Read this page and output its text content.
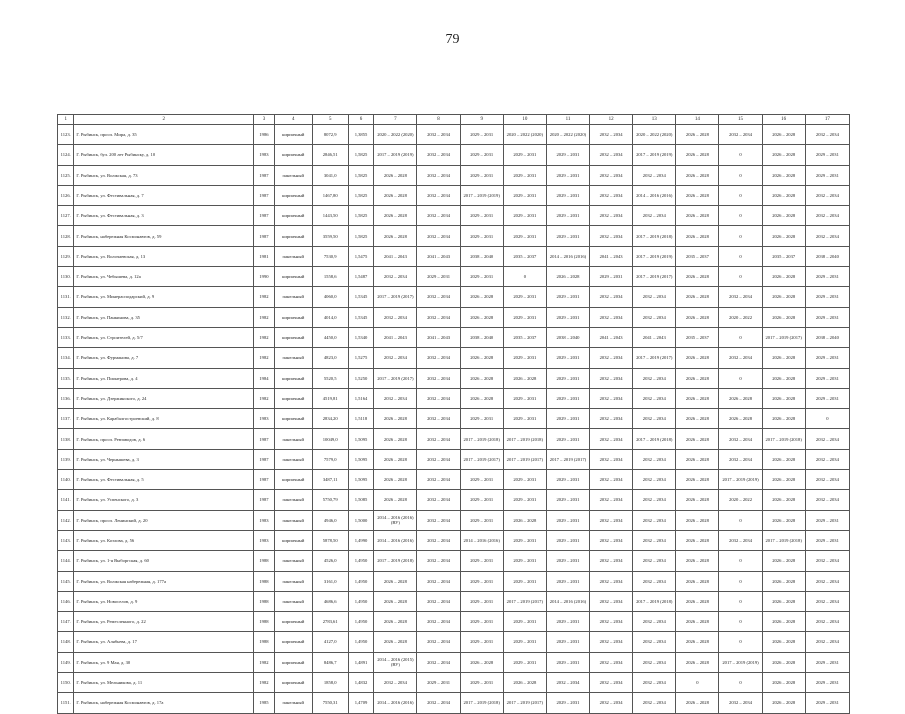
79
1	2	3	4	5	6	7	8	9	10	11	12	13	14	15	16	17
1123.	Г. Рыбинск, просп. Мира, д. 35	1986	кирпичный	8072,9	1,3855	2020 – 2022 (2020)	2032 – 2034	2029 – 2031	2020 – 2022 (2020)	2020 – 2022 (2020)	2032 – 2034	2020 – 2022 (2020)	2026 – 2028	2032 – 2034	2026 – 2028	2032 – 2034
1124.	Г. Рыбинск, бул. 200 лет Рыбинску, д. 10	1983	кирпичный	2846,51	1,5825	2017 – 2019 (2019)	2032 – 2034	2029 – 2031	2029 – 2031	2029 – 2031	2032 – 2034	2017 – 2019 (2019)	2026 – 2028	0	2026 – 2028	2029 – 2031
1125.	Г. Рыбинск, ул. Волжская, д. 73	1987	панельный	3041,0	1,5825	2026 – 2028	2032 – 2034	2029 – 2031	2029 – 2031	2029 – 2031	2032 – 2034	2032 – 2034	2026 – 2028	0	2026 – 2028	2029 – 2031
1126.	Г. Рыбинск, ул. Фестивальная, д. 7	1987	кирпичный	1467,80	1,5825	2026 – 2028	2032 – 2034	2017 – 2019 (2019)	2029 – 2031	2029 – 2031	2032 – 2034	2014 – 2016 (2016)	2026 – 2028	0	2026 – 2028	2032 – 2034
1127.	Г. Рыбинск, ул. Фестивальная, д. 3	1987	кирпичный	1443,50	1,5825	2026 – 2028	2032 – 2034	2029 – 2031	2029 – 2031	2029 – 2031	2032 – 2034	2032 – 2034	2026 – 2028	0	2026 – 2028	2032 – 2034
1128.	Г. Рыбинск, набережная Космонавтов, д. 59	1987	кирпичный	3559,50	1,5825	2026 – 2028	2032 – 2034	2029 – 2031	2029 – 2031	2029 – 2031	2032 – 2034	2017 – 2019 (2018)	2026 – 2028	0	2026 – 2028	2032 – 2034
1129.	Г. Рыбинск, ул. Волочаевская, д. 13	1981	панельный	7530,9	1,5475	2041 – 2043	2041 – 2043	2038 – 2040	2035 – 2037	2014 – 2016 (2016)	2041 – 2043	2017 – 2019 (2019)	2035 – 2037	0	2035 – 2037	2038 – 2040
1130.	Г. Рыбинск, ул. Чебышева, д. 12а	1990	кирпичный	1558,6	1,5487	2032 – 2034	2029 – 2031	2029 – 2031	0	2026 – 2028	2029 – 2031	2017 – 2019 (2017)	2026 – 2028	0	2026 – 2028	2029 – 2031
1131.	Г. Рыбинск, ул. Минерасподарский, д. 9	1982	панельный	4060,0	1,5345	2017 – 2019 (2017)	2032 – 2034	2026 – 2028	2029 – 2031	2029 – 2031	2032 – 2034	2032 – 2034	2026 – 2028	2032 – 2034	2026 – 2028	2029 – 2031
1132.	Г. Рыбинск, ул. Панкинова, д. 35	1982	кирпичный	4014,0	1,5345	2032 – 2034	2032 – 2034	2026 – 2028	2029 – 2031	2029 – 2031	2032 – 2034	2032 – 2034	2026 – 2028	2020 – 2022	2026 – 2028	2029 – 2031
1133.	Г. Рыбинск, ул. Строителей, д. 5/7	1982	кирпичный	4450,0	1,5340	2041 – 2043	2041 – 2043	2038 – 2040	2035 – 2037	2038 – 2040	2041 – 2043	2041 – 2043	2035 – 2037	0	2017 – 2019 (2017)	2038 – 2040
1134.	Г. Рыбинск, ул. Фурманова, д. 7	1982	панельный	4823,0	1,5275	2032 – 2034	2032 – 2034	2026 – 2028	2029 – 2031	2029 – 2031	2032 – 2034	2017 – 2019 (2017)	2026 – 2028	2032 – 2034	2026 – 2028	2029 – 2031
1135.	Г. Рыбинск, ул. Пионерова, д. 4	1984	кирпичный	5520,5	1,5250	2017 – 2019 (2017)	2032 – 2034	2026 – 2028	2026 – 2028	2029 – 2031	2032 – 2034	2032 – 2034	2026 – 2028	0	2026 – 2028	2029 – 2031
1136.	Г. Рыбинск, ул. Дзержинского, д. 24	1982	кирпичный	4519,81	1,5164	2032 – 2034	2032 – 2034	2026 – 2028	2029 – 2031	2029 – 2031	2032 – 2034	2032 – 2034	2026 – 2028	2026 – 2028	2026 – 2028	2029 – 2031
1137.	Г. Рыбинск, ул. Карабалгостроевский, д. 8	1983	кирпичный	2834,20	1,5118	2026 – 2028	2032 – 2034	2029 – 2031	2029 – 2031	2029 – 2031	2032 – 2034	2032 – 2034	2026 – 2028	2026 – 2028	2026 – 2028	0
1138.	Г. Рыбинск, просп. Ревзаводов, д. 6	1987	панельный	10049,0	1,5095	2026 – 2028	2032 – 2034	2017 – 2019 (2018)	2017 – 2019 (2018)	2029 – 2031	2032 – 2034	2017 – 2019 (2018)	2026 – 2028	2032 – 2034	2017 – 2019 (2018)	2032 – 2034
1139.	Г. Рыбинск, ул. Чернышева, д. 3	1987	панельный	7579,0	1,5095	2026 – 2028	2032 – 2034	2017 – 2019 (2017)	2017 – 2019 (2017)	2017 – 2019 (2017)	2032 – 2034	2032 – 2034	2026 – 2028	2032 – 2034	2026 – 2028	2032 – 2034
1140.	Г. Рыбинск, ул. Фестивальная, д. 5	1987	кирпичный	3487,11	1,5095	2026 – 2028	2032 – 2034	2029 – 2031	2029 – 2031	2029 – 2031	2032 – 2034	2032 – 2034	2026 – 2028	2017 – 2019 (2019)	2026 – 2028	2032 – 2034
1141.	Г. Рыбинск, ул. Успенского, д. 3	1987	панельный	5750,79	1,5085	2026 – 2028	2032 – 2034	2029 – 2031	2029 – 2031	2029 – 2031	2032 – 2034	2032 – 2034	2026 – 2028	2020 – 2022	2026 – 2028	2032 – 2034
1142.	Г. Рыбинск, просп. Ленинский, д. 20	1983	панельный	4946,0	1,5000	2014 – 2016 (2016) (ВУ)	2032 – 2034	2029 – 2031	2026 – 2028	2029 – 2031	2032 – 2034	2032 – 2034	2026 – 2028	0	2026 – 2028	2029 – 2031
1143.	Г. Рыбинск, ул. Козлова, д. 56	1983	кирпичный	5878,50	1,4990	2014 – 2016 (2016)	2032 – 2034	2014 – 2016 (2016)	2029 – 2031	2029 – 2031	2032 – 2034	2032 – 2034	2026 – 2028	2032 – 2034	2017 – 2019 (2018)	2029 – 2031
1144.	Г. Рыбинск, ул. 1-я Выборгская, д. 60	1988	панельный	4526,0	1,4950	2017 – 2019 (2018)	2032 – 2034	2029 – 2031	2029 – 2031	2029 – 2031	2032 – 2034	2032 – 2034	2026 – 2028	0	2026 – 2028	2032 – 2034
1145.	Г. Рыбинск, ул. Волжская набережная, д. 177а	1988	панельный	3161,0	1,4950	2026 – 2028	2032 – 2034	2029 – 2031	2029 – 2031	2029 – 2031	2032 – 2034	2032 – 2034	2026 – 2028	0	2026 – 2028	2032 – 2034
1146.	Г. Рыбинск, ул. Новоселов, д. 9	1988	панельный	4686,6	1,4950	2026 – 2028	2032 – 2034	2029 – 2031	2017 – 2019 (2017)	2014 – 2016 (2016)	2032 – 2034	2017 – 2019 (2018)	2026 – 2028	0	2026 – 2028	2032 – 2034
1147.	Г. Рыбинск, ул. Ремесленного, д. 22	1988	кирпичный	2783,61	1,4950	2026 – 2028	2032 – 2034	2029 – 2031	2029 – 2031	2029 – 2031	2032 – 2034	2032 – 2034	2026 – 2028	0	2026 – 2028	2032 – 2034
1148.	Г. Рыбинск, ул. Алябьева, д. 17	1988	кирпичный	4127,0	1,4950	2026 – 2028	2032 – 2034	2029 – 2031	2029 – 2031	2029 – 2031	2032 – 2034	2032 – 2034	2026 – 2028	0	2026 – 2028	2032 – 2034
1149.	Г. Рыбинск, ул. 9 Мая, д. 30	1982	кирпичный	8486,7	1,4891	2014 – 2016 (2015) (ВУ)	2032 – 2034	2026 – 2028	2029 – 2031	2029 – 2031	2032 – 2034	2032 – 2034	2026 – 2028	2017 – 2019 (2019)	2026 – 2028	2029 – 2031
1150.	Г. Рыбинск, ул. Мельникова, д. 11	1982	кирпичный	1858,0	1,4832	2032 – 2034	2029 – 2031	2029 – 2031	2026 – 2028	2032 – 2034	2032 – 2034	2032 – 2034	0	0	2026 – 2028	2029 – 2031
1151.	Г. Рыбинск, набережная Космонавтов, д. 17а	1985	панельный	7550,31	1,4709	2014 – 2016 (2016)	2032 – 2034	2017 – 2019 (2018)	2017 – 2019 (2017)	2029 – 2031	2032 – 2034	2032 – 2034	2026 – 2028	2032 – 2034	2026 – 2028	2029 – 2031
